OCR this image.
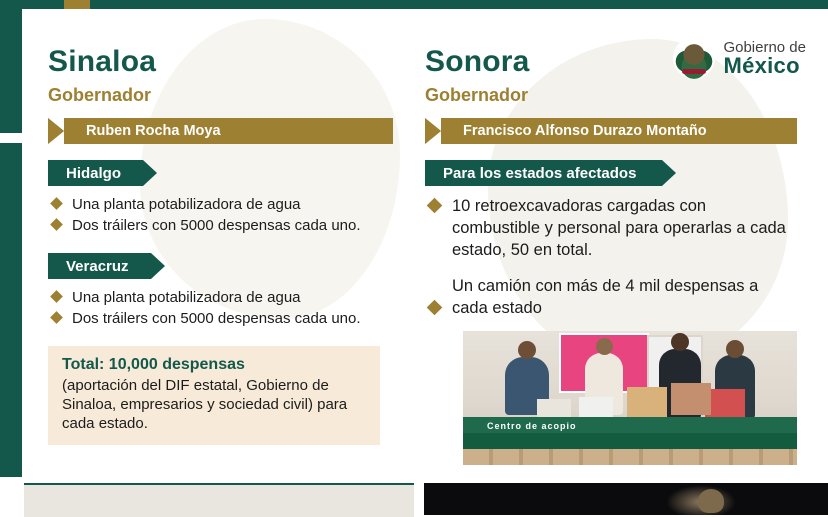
Gobierno de
México
Sinaloa
Gobernador
Ruben Rocha Moya
Hidalgo
Una planta potabilizadora de agua
Dos tráilers con 5000 despensas cada uno.
Veracruz
Una planta potabilizadora de agua
Dos tráilers con 5000 despensas cada uno.
Total: 10,000 despensas
(aportación del DIF estatal, Gobierno de Sinaloa, empresarios y sociedad civil) para cada estado.
Sonora
Gobernador
Francisco Alfonso Durazo Montaño
Para los estados afectados
10 retroexcavadoras cargadas con combustible y personal para operarlas a cada estado, 50 en total.
Un camión con más de 4 mil despensas a cada estado
Centro de acopio
